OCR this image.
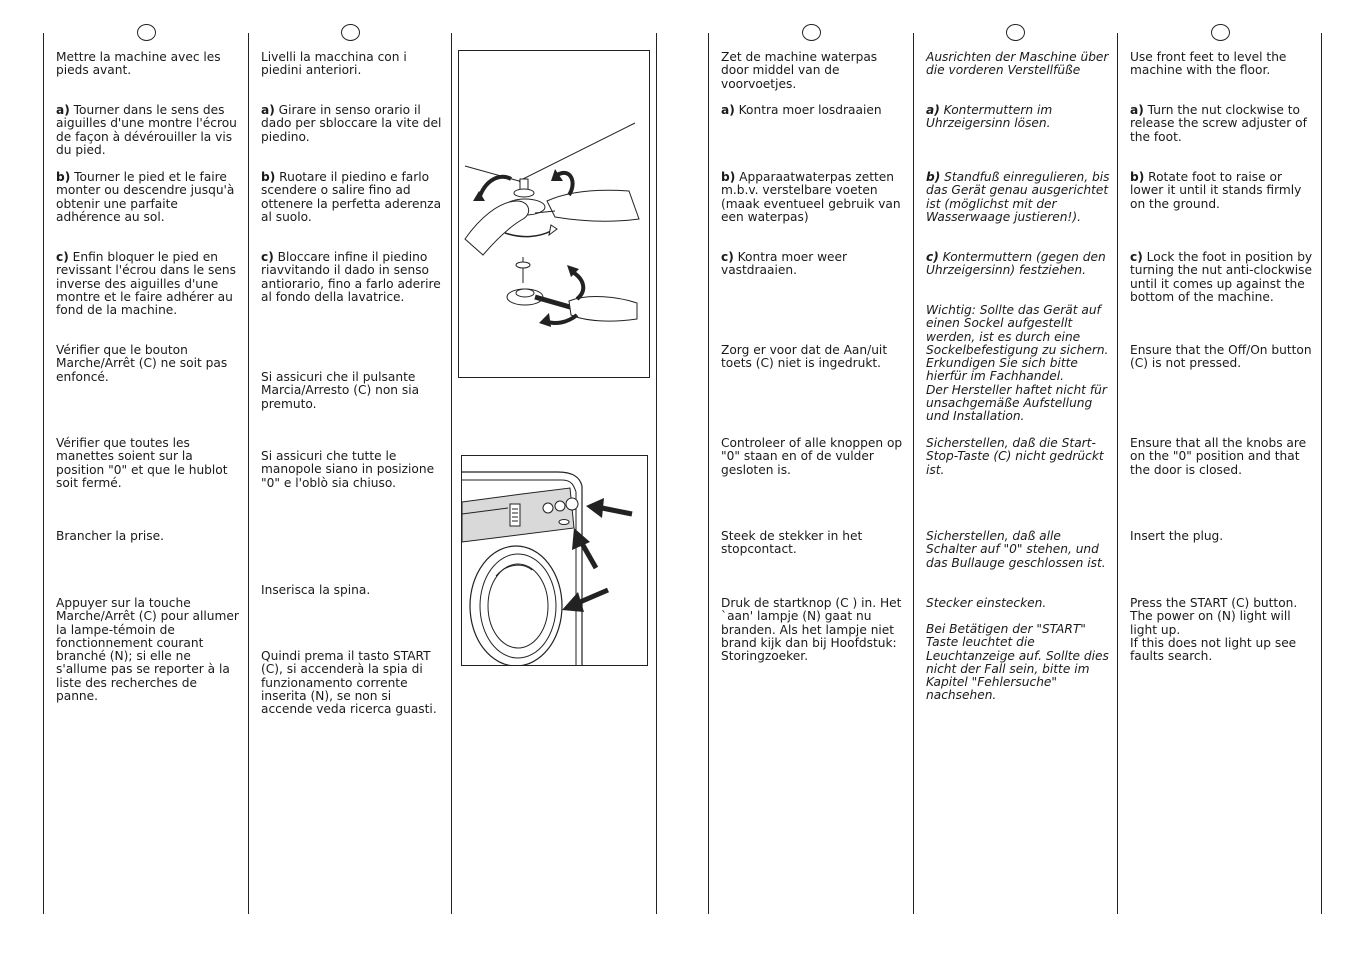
Mettre la machine avec les pieds avant.

a) Tourner dans le sens des aiguilles d'une montre l'écrou de façon à dévérouiller la vis du pied.

b) Tourner le pied et le faire monter ou descendre jusqu'à obtenir une parfaite adhérence au sol.

c) Enfin bloquer le pied en revissant l'écrou dans le sens inverse des aiguilles d'une montre et le faire adhérer au fond de la machine.

Vérifier que le bouton Marche/Arrêt (C) ne soit pas enfoncé.

Vérifier que toutes les manettes soient sur la position "0" et que le hublot soit fermé.

Brancher la prise.

Appuyer sur la touche Marche/Arrêt (C) pour allumer la lampe-témoin de fonctionnement courant branché (N); si elle ne s'allume pas se reporter à la liste des recherches de panne.

Livelli la macchina con i piedini anteriori.

a) Girare in senso orario il dado per sbloccare la vite del piedino.

b) Ruotare il piedino e farlo scendere o salire fino ad ottenere la perfetta aderenza al suolo.

c) Bloccare infine il piedino riavvitando il dado in senso antiorario, fino a farlo aderire al fondo della lavatrice.

Si assicuri che il pulsante Marcia/Arresto (C) non sia premuto.

Si assicuri che tutte le manopole siano in posizione "0" e l'oblò sia chiuso.

Inserisca la spina.

Quindi prema il tasto START (C), si accenderà la spia di funzionamento corrente inserita (N), se non si accende veda ricerca guasti.

Zet de machine waterpas door middel van de voorvoetjes.

a) Kontra moer losdraaien

b) Apparaatwaterpas zetten m.b.v. verstelbare voeten (maak eventueel gebruik van een waterpas)

c) Kontra moer weer vastdraaien.

Zorg er voor dat de Aan/uit toets (C) niet is ingedrukt.

Controleer of alle knoppen op "0" staan en of de vulder gesloten is.

Steek de stekker in het stopcontact.

Druk de startknop (C ) in. Het `aan' lampje (N) gaat nu branden. Als het lampje niet brand kijk dan bij Hoofdstuk: Storingzoeker.

Ausrichten der Maschine über die vorderen Verstellfüße

a) Kontermuttern im Uhrzeigersinn lösen.

b) Standfuß einregulieren, bis das Gerät genau ausgerichtet ist (möglichst mit der Wasserwaage justieren!).

c) Kontermuttern (gegen den Uhrzeigersinn) festziehen.

Wichtig: Sollte das Gerät auf einen Sockel aufgestellt werden, ist es durch eine Sockelbefestigung zu sichern. Erkundigen Sie sich bitte hierfür im Fachhandel.
Der Hersteller haftet nicht für unsachgemäße Aufstellung und Installation.

Sicherstellen, daß die Start-Stop-Taste (C) nicht gedrückt ist.

Sicherstellen, daß alle Schalter auf "0" stehen, und das Bullauge geschlossen ist.

Stecker einstecken.

Bei Betätigen der "START" Taste leuchtet die Leuchtanzeige auf. Sollte dies nicht der Fall sein, bitte im Kapitel "Fehlersuche" nachsehen.

Use front feet to level the machine with the floor.

a) Turn the nut clockwise to release the screw adjuster of the foot.

b) Rotate foot to raise or lower it until it stands firmly on the ground.

c) Lock the foot in position by turning the nut anti-clockwise until it comes up against the bottom of the machine.

Ensure that the Off/On button (C) is not pressed.

Ensure that all the knobs are on the "0" position and that the door is closed.

Insert the plug.

Press the START (C) button. The power on (N) light will light up.
If this does not light up see faults search.
